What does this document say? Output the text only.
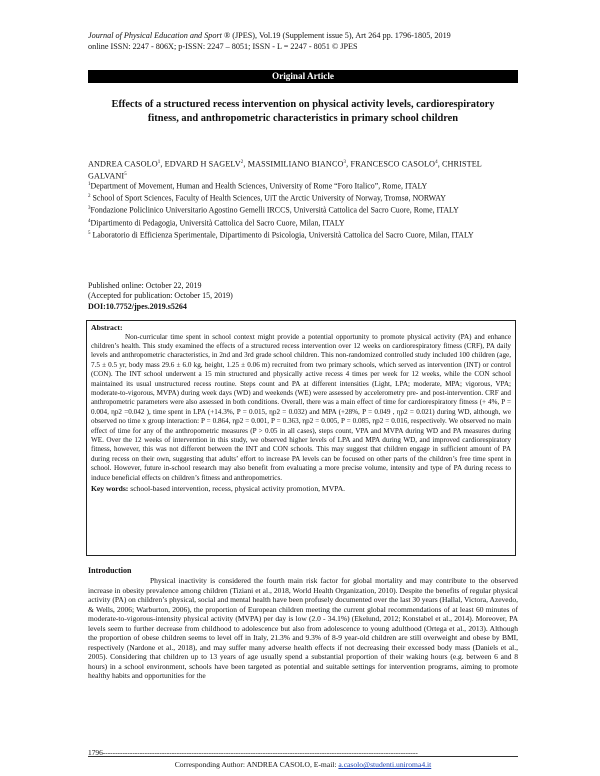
Journal of Physical Education and Sport ® (JPES), Vol.19 (Supplement issue 5), Art 264 pp. 1796-1805, 2019
online ISSN: 2247 - 806X; p-ISSN: 2247 – 8051; ISSN - L = 2247 - 8051 © JPES
Original Article
Effects of a structured recess intervention on physical activity levels, cardiorespiratory fitness, and anthropometric characteristics in primary school children
ANDREA CASOLO$^1$, EDVARD H SAGELV$^2$, MASSIMILIANO BIANCO$^3$, FRANCESCO CASOLO$^4$, CHRISTEL GALVANI$^5$

$^1$Department of Movement, Human and Health Sciences, University of Rome “Foro Italico”, Rome, ITALY

$^2$ School of Sport Sciences, Faculty of Health Sciences, UiT the Arctic University of Norway, Tromsø, NORWAY

$^3$Fondazione Policlinico Universitario Agostino Gemelli IRCCS, Università Cattolica del Sacro Cuore, Rome, ITALY

$^4$Dipartimento di Pedagogia, Università Cattolica del Sacro Cuore, Milan, ITALY

$^5$ Laboratorio di Efficienza Sperimentale, Dipartimento di Psicologia, Università Cattolica del Sacro Cuore, Milan, ITALY

Published online: October 22, 2019
(Accepted for publication: October 15, 2019)
DOI:10.7752/jpes.2019.s5264
Abstract:

Non-curricular time spent in school context might provide a potential opportunity to promote physical activity (PA) and enhance children’s health. This study examined the effects of a structured recess intervention over 12 weeks on cardiorespiratory fitness (CRF), PA daily levels and anthropometric characteristics, in 2nd and 3rd grade school children. This non-randomized controlled study included 100 children (age, 7.5 ± 0.5 yr, body mass 29.6 ± 6.0 kg, height, 1.25 ± 0.06 m) recruited from two primary schools, which served as intervention (INT) or control (CON). The INT school underwent a 15 min structured and physically active recess 4 times per week for 12 weeks, while the CON school maintained its usual unstructured recess routine. Steps count and PA at different intensities (Light, LPA; moderate, MPA; vigorous, VPA; moderate-to-vigorous, MVPA) during week days (WD) and weekends (WE) were assessed by accelerometry pre- and post-intervention. CRF and anthropometric parameters were also assessed in both conditions. Overall, there was a main effect of time for cardiorespiratory fitness (+ 4%, P = 0.004, ηp2 =0.042 ), time spent in LPA (+14.3%, P = 0.015, ηp2 = 0.032) and MPA (+28%, P = 0.049 , ηp2 = 0.021) during WD, although, we observed no time x group interaction: P = 0.864, ηp2 = 0.001, P = 0.363, ηp2 = 0.005, P = 0.085, ηp2 = 0.016, respectively. We observed no main effect of time for any of the anthropometric measures (P > 0.05 in all cases), steps count, VPA and MVPA during WD and PA measures during WE. Over the 12 weeks of intervention in this study, we observed higher levels of LPA and MPA during WD, and improved cardiorespiratory fitness, however, this was not different between the INT and CON schools. This may suggest that children engage in sufficient amount of PA during recess on their own, suggesting that adults’ effort to increase PA levels can be focused on other parts of the children’s free time spent in school. However, future in-school research may also benefit from evaluating a more precise volume, intensity and type of PA during recess to induce beneficial effects on children’s fitness and anthropometrics.

Key words: school-based intervention, recess, physical activity promotion, MVPA.
Introduction

Physical inactivity is considered the fourth main risk factor for global mortality and may contribute to the observed increase in obesity prevalence among children (Tiziani et al., 2018, World Health Organization, 2010). Despite the benefits of regular physical activity (PA) on children’s physical, social and mental health have been profusely documented over the last 30 years (Hallal, Victora, Azevedo, & Wells, 2006; Warburton, 2006), the proportion of European children meeting the current global recommendations of at least 60 minutes of moderate-to-vigorous-intensity physical activity (MVPA) per day is low (2.0 - 34.1%) (Ekelund, 2012; Konstabel et al., 2014). Moreover, PA levels seem to further decrease from childhood to adolescence but also from adolescence to young adulthood (Ortega et al., 2013). Although the proportion of obese children seems to level off in Italy, 21.3% and 9.3% of 8-9 year-old children are still overweight and obese by BMI, respectively (Nardone et al., 2018), and may suffer many adverse health effects if not decreasing their excessed body mass (Daniels et al., 2005). Considering that children up to 13 years of age usually spend a substantial proportion of their waking hours (e.g. between 6 and 8 hours) in a school environment, schools have been targeted as potential and suitable settings for intervention programs, aiming to promote healthy habits and opportunities for the

1796--------------------------------------------------------------------------------------------------------------------------------
Corresponding Author: ANDREA CASOLO, E-mail: a.casolo@studenti.uniroma4.it
